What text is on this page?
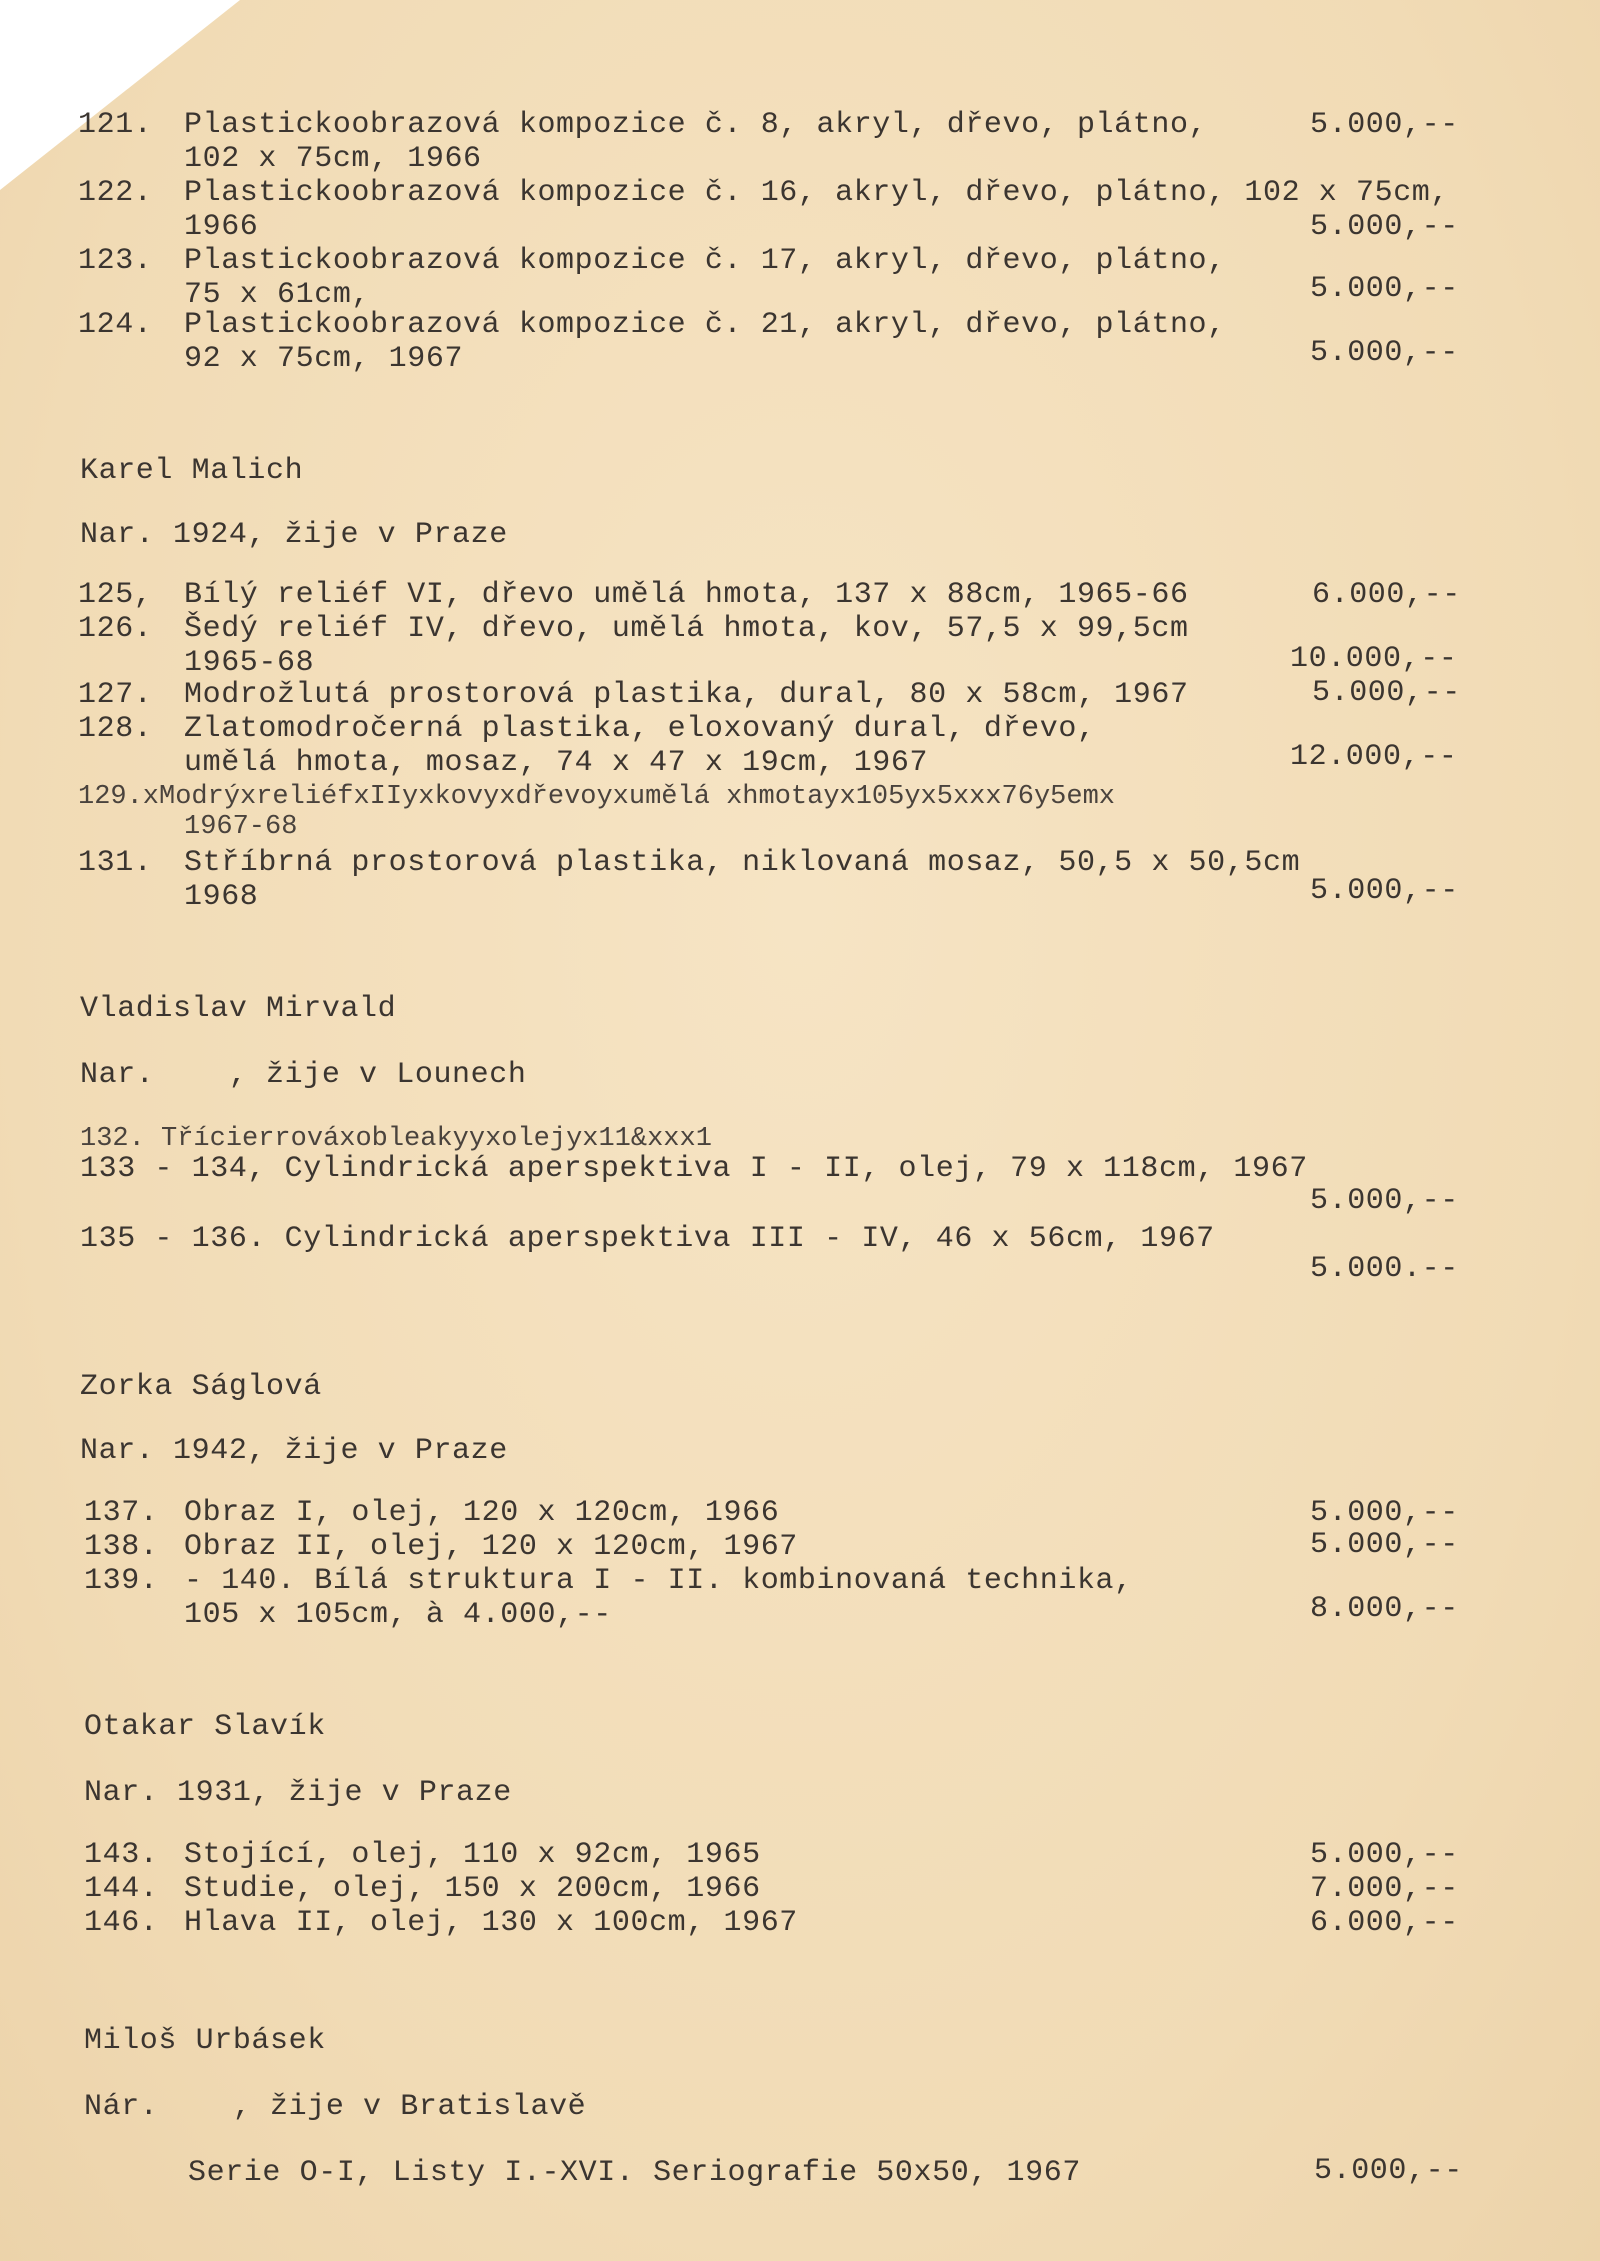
121. Plastickoobrazová kompozice č. 8, akryl, dřevo, plátno,	5.000,--
102 x 75cm, 1966
122. Plastickoobrazová kompozice č. 16, akryl, dřevo, plátno, 102 x 75cm,
1966	5.000,--
123. Plastickoobrazová kompozice č. 17, akryl, dřevo, plátno,
75 x 61cm,	5.000,--
124. Plastickoobrazová kompozice č. 21, akryl, dřevo, plátno,
92 x 75cm, 1967	5.000,--
Karel Malich
Nar. 1924, žije v Praze
125, Bílý reliéf VI, dřevo umělá hmota, 137 x 88cm, 1965-66	6.000,--
126. Šedý reliéf IV, dřevo, umělá hmota, kov, 57,5 x 99,5cm
1965-68	10.000,--
127. Modrožlutá prostorová plastika, dural, 80 x 58cm, 1967	5.000,--
128. Zlatomodročerná plastika, eloxovaný dural, dřevo,
umělá hmota, mosaz, 74 x 47 x 19cm, 1967	12.000,--
129.xModrýxreliéfxIIyxkovyxdřevoyxumělá xhmotayx105yx5xxx76y5emx
1967-68
131. Stříbrná prostorová plastika, niklovaná mosaz, 50,5 x 50,5cm
1968	5.000,--
Vladislav Mirvald
Nar.    , žije v Lounech
132. Třícierrováxobleakyyxolejyx11&xxx1
133 - 134, Cylindrická aperspektiva I - II, olej, 79 x 118cm, 1967
5.000,--
135 - 136. Cylindrická aperspektiva III - IV, 46 x 56cm, 1967
5.000.--
Zorka Ságlová
Nar. 1942, žije v Praze
137. Obraz I, olej, 120 x 120cm, 1966	5.000,--
138. Obraz II, olej, 120 x 120cm, 1967	5.000,--
139. - 140. Bílá struktura I - II. kombinovaná technika,
105 x 105cm, à 4.000,--	8.000,--
Otakar Slavík
Nar. 1931, žije v Praze
143. Stojící, olej, 110 x 92cm, 1965	5.000,--
144. Studie, olej, 150 x 200cm, 1966	7.000,--
146. Hlava II, olej, 130 x 100cm, 1967	6.000,--
Miloš Urbásek
Nár.    , žije v Bratislavě
Serie O-I, Listy I.-XVI. Seriografie 50x50, 1967	5.000,--
